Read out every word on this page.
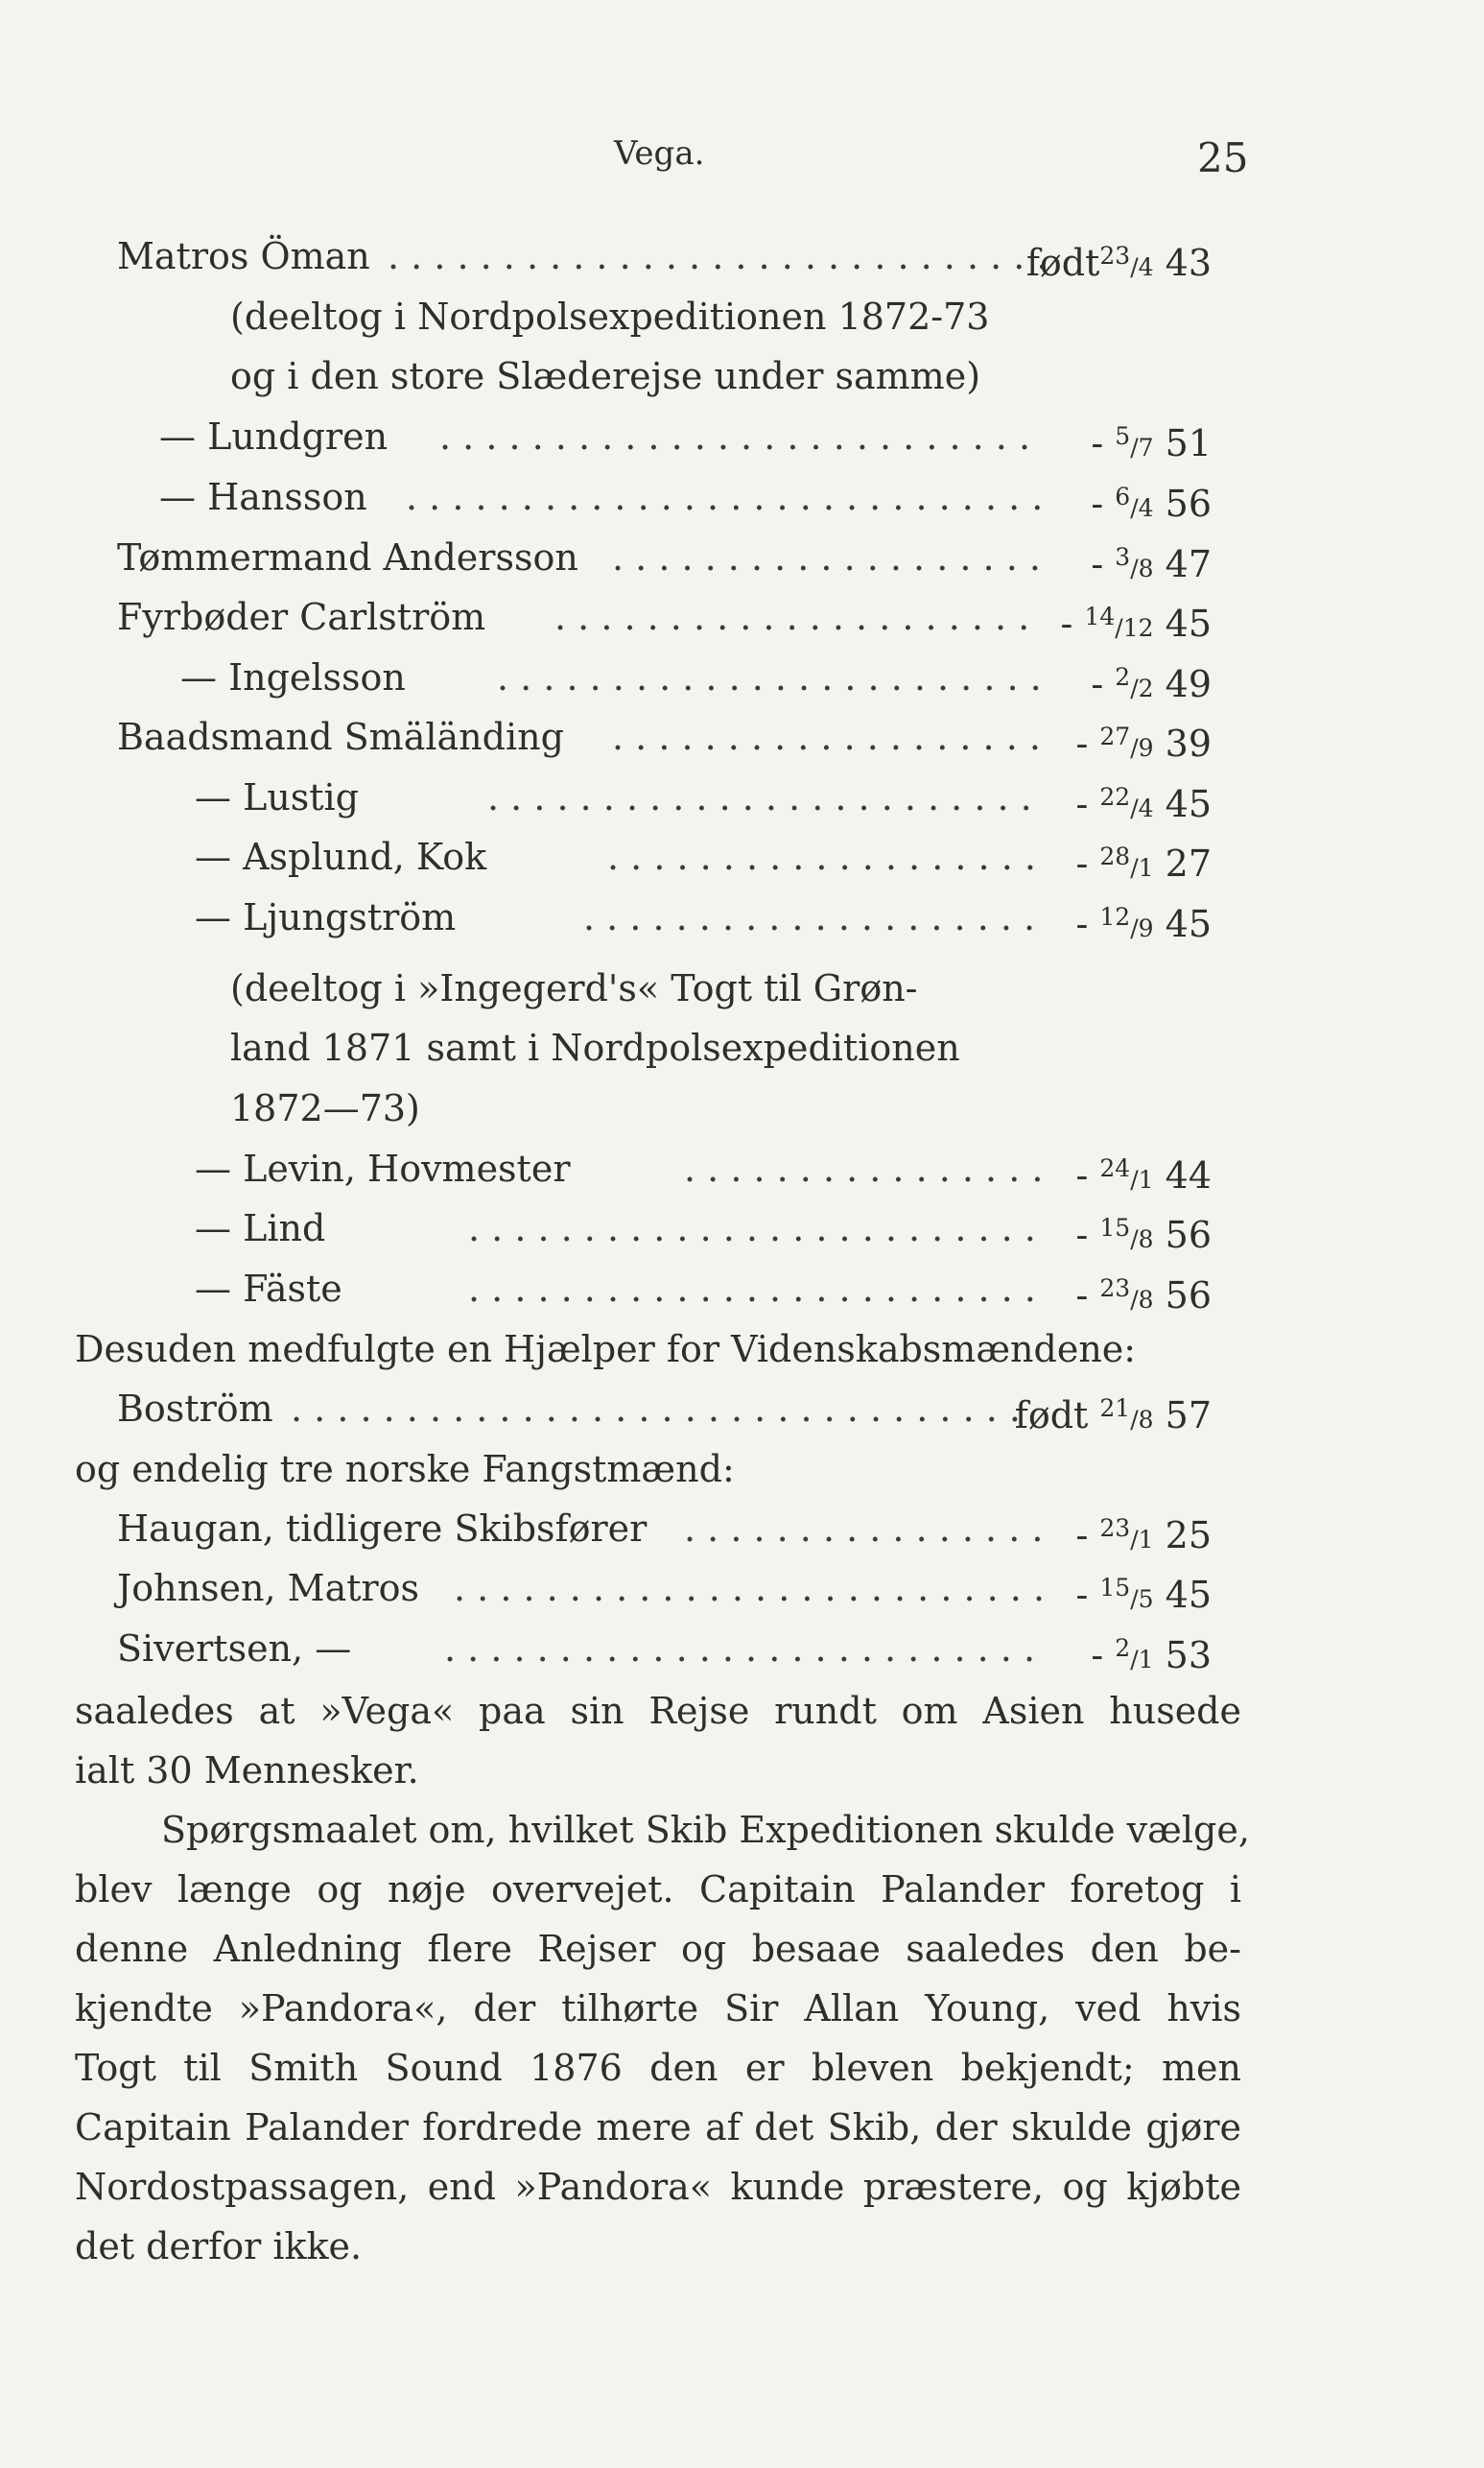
Vega.	25
Matros Öman . . .	født$^{23}$/4 43
(deeltog i Nordpolsexpeditionen 1872-73
og i den store Slæderejse under samme)
— Lundgren . . .	- $^5$/7 51
— Hansson . . .	- $^6$/4 56
Tømmermand Andersson . . .	- $^3$/8 47
Fyrbøder Carlström . . .	- $^{14}$/12 45
— Ingelsson . . .	- $^2$/2 49
Baadsmand Smäländing . . .	- $^{27}$/9 39
— Lustig . . .	- $^{22}$/4 45
— Asplund, Kok . . .	- $^{28}$/1 27
— Ljungström . . .	- $^{12}$/9 45
(deeltog i »Ingegerd's« Togt til Grøn-
land 1871 samt i Nordpolsexpeditionen
1872—73)
— Levin, Hovmester . . .	- $^{24}$/1 44
— Lind . . .	- $^{15}$/8 56
— Fäste . . .	- $^{23}$/8 56
Desuden medfulgte en Hjælper for Videnskabsmændene:
Boström . . .	født $^{21}$/8 57
og endelig tre norske Fangstmænd:
Haugan, tidligere Skibsfører . . .	- $^{23}$/1 25
Johnsen, Matros . . .	- $^{15}$/5 45
Sivertsen, — . . .	- $^2$/1 53
saaledes at »Vega« paa sin Rejse rundt om Asien husede
ialt 30 Mennesker.
Spørgsmaalet om, hvilket Skib Expeditionen skulde vælge,
blev længe og nøje overvejet. Capitain Palander foretog i
denne Anledning flere Rejser og besaae saaledes den be-
kjendte »Pandora«, der tilhørte Sir Allan Young, ved hvis
Togt til Smith Sound 1876 den er bleven bekjendt; men
Capitain Palander fordrede mere af det Skib, der skulde gjøre
Nordostpassagen, end »Pandora« kunde præstere, og kjøbte
det derfor ikke.
